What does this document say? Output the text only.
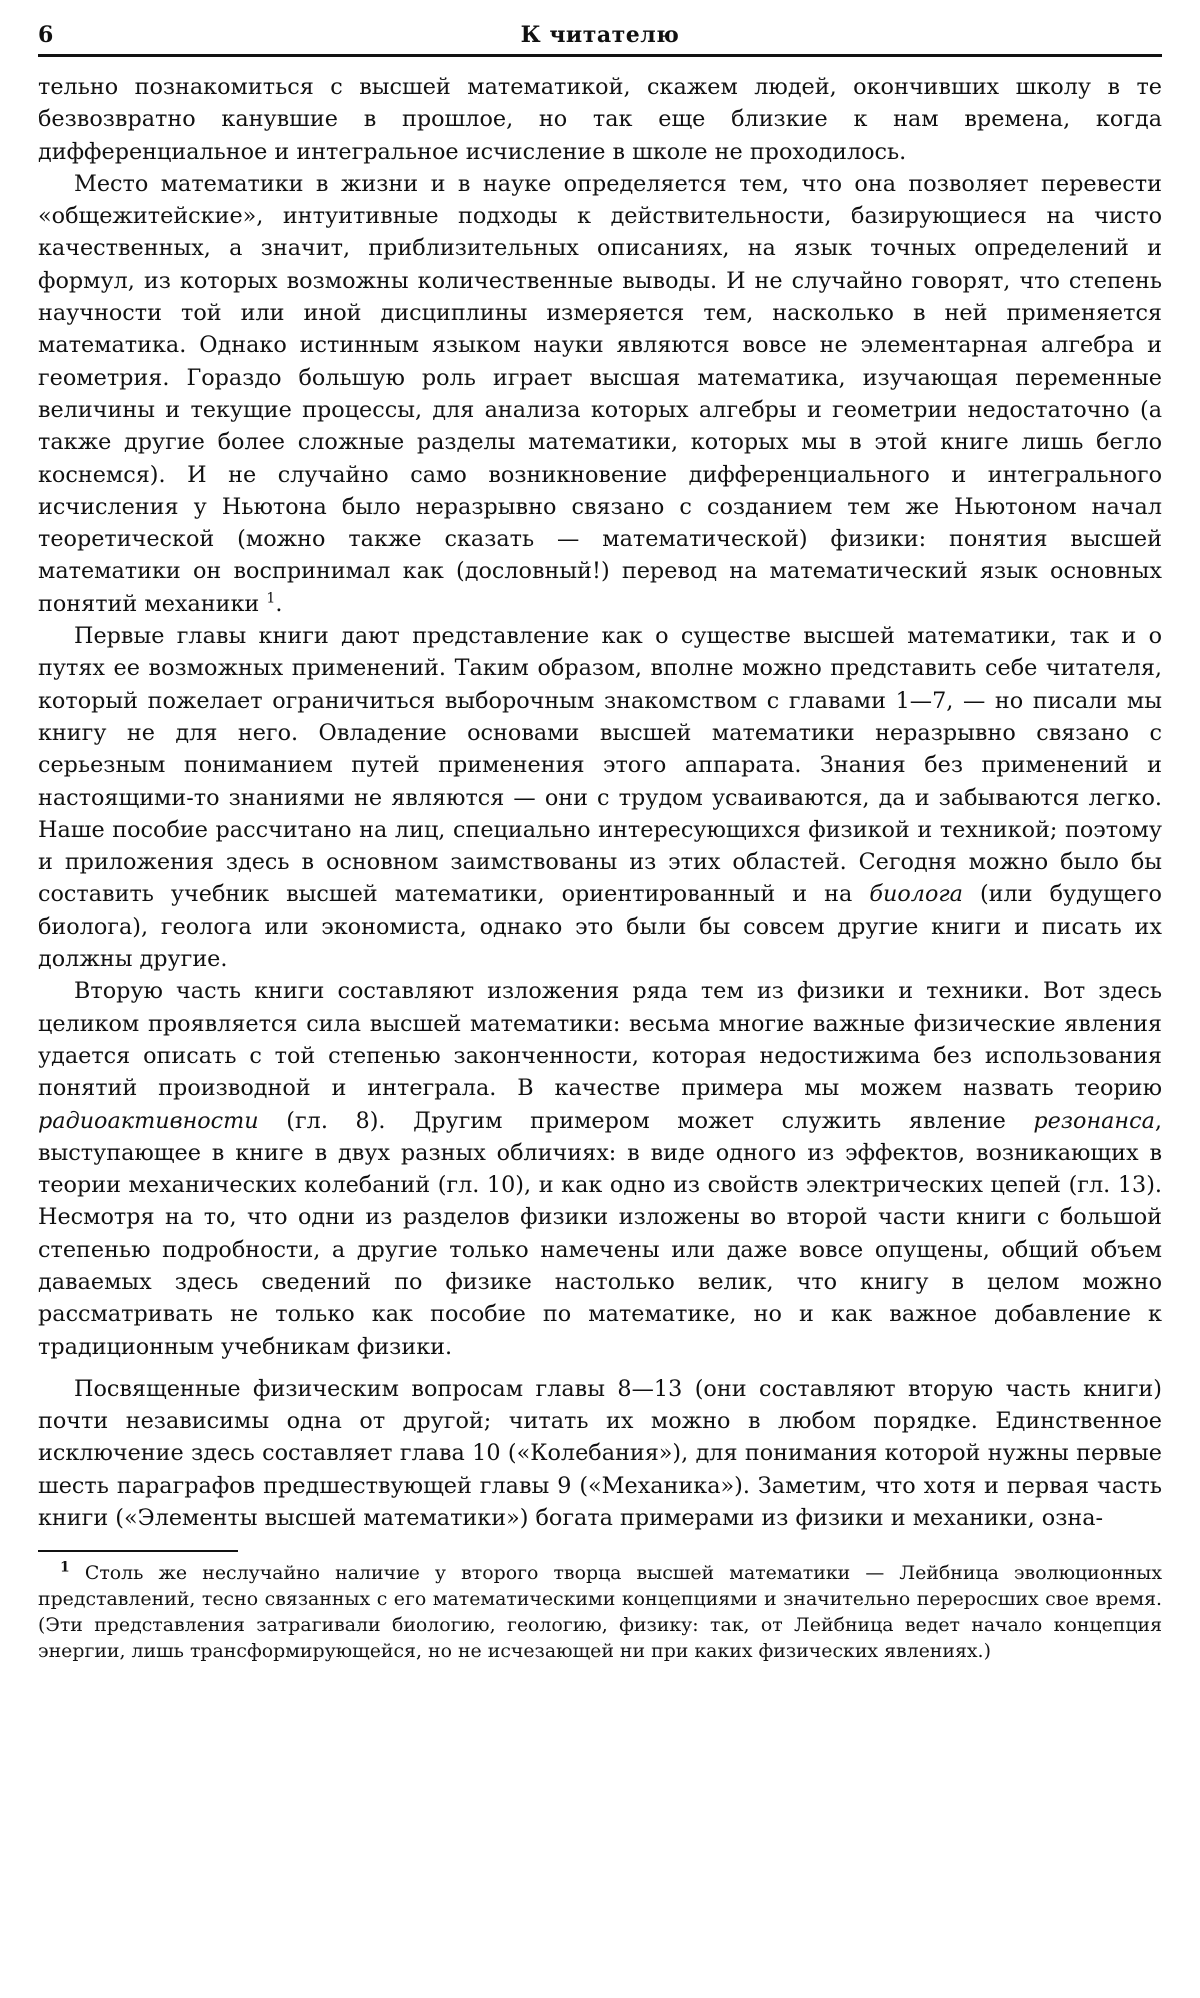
6	К читателю

тельно познакомиться с высшей математикой, скажем людей, окончивших школу в те безвозвратно канувшие в прошлое, но так еще близкие к нам времена, когда дифференциальное и интегральное исчисление в школе не проходилось.

Место математики в жизни и в науке определяется тем, что она позволяет перевести «общежитейские», интуитивные подходы к действительности, базирующиеся на чисто качественных, а значит, приблизительных описаниях, на язык точных определений и формул, из которых возможны количественные выводы. И не случайно говорят, что степень научности той или иной дисциплины измеряется тем, насколько в ней применяется математика. Однако истинным языком науки являются вовсе не элементарная алгебра и геометрия. Гораздо большую роль играет высшая математика, изучающая переменные величины и текущие процессы, для анализа которых алгебры и геометрии недостаточно (а также другие более сложные разделы математики, которых мы в этой книге лишь бегло коснемся). И не случайно само возникновение дифференциального и интегрального исчисления у Ньютона было неразрывно связано с созданием тем же Ньютоном начал теоретической (можно также сказать — математической) физики: понятия высшей математики он воспринимал как (дословный!) перевод на математический язык основных понятий механики $^1$.

Первые главы книги дают представление как о существе высшей математики, так и о путях ее возможных применений. Таким образом, вполне можно представить себе читателя, который пожелает ограничиться выборочным знакомством с главами 1—7, — но писали мы книгу не для него. Овладение основами высшей математики неразрывно связано с серьезным пониманием путей применения этого аппарата. Знания без применений и настоящими-то знаниями не являются — они с трудом усваиваются, да и забываются легко. Наше пособие рассчитано на лиц, специально интересующихся физикой и техникой; поэтому и приложения здесь в основном заимствованы из этих областей. Сегодня можно было бы составить учебник высшей математики, ориентированный и на биолога (или будущего биолога), геолога или экономиста, однако это были бы совсем другие книги и писать их должны другие.

Вторую часть книги составляют изложения ряда тем из физики и техники. Вот здесь целиком проявляется сила высшей математики: весьма многие важные физические явления удается описать с той степенью законченности, которая недостижима без использования понятий производной и интеграла. В качестве примера мы можем назвать теорию радиоактивности (гл. 8). Другим примером может служить явление резонанса, выступающее в книге в двух разных обличиях: в виде одного из эффектов, возникающих в теории механических колебаний (гл. 10), и как одно из свойств электрических цепей (гл. 13). Несмотря на то, что одни из разделов физики изложены во второй части книги с большой степенью подробности, а другие только намечены или даже вовсе опущены, общий объем даваемых здесь сведений по физике настолько велик, что книгу в целом можно рассматривать не только как пособие по математике, но и как важное добавление к традиционным учебникам физики.

Посвященные физическим вопросам главы 8—13 (они составляют вторую часть книги) почти независимы одна от другой; читать их можно в любом порядке. Единственное исключение здесь составляет глава 10 («Колебания»), для понимания которой нужны первые шесть параграфов предшествующей главы 9 («Механика»). Заметим, что хотя и первая часть книги («Элементы высшей математики») богата примерами из физики и механики, озна-

$^1$ Столь же неслучайно наличие у второго творца высшей математики — Лейбница эволюционных представлений, тесно связанных с его математическими концепциями и значительно переросших свое время. (Эти представления затрагивали биологию, геологию, физику: так, от Лейбница ведет начало концепция энергии, лишь трансформирующейся, но не исчезающей ни при каких физических явлениях.)
